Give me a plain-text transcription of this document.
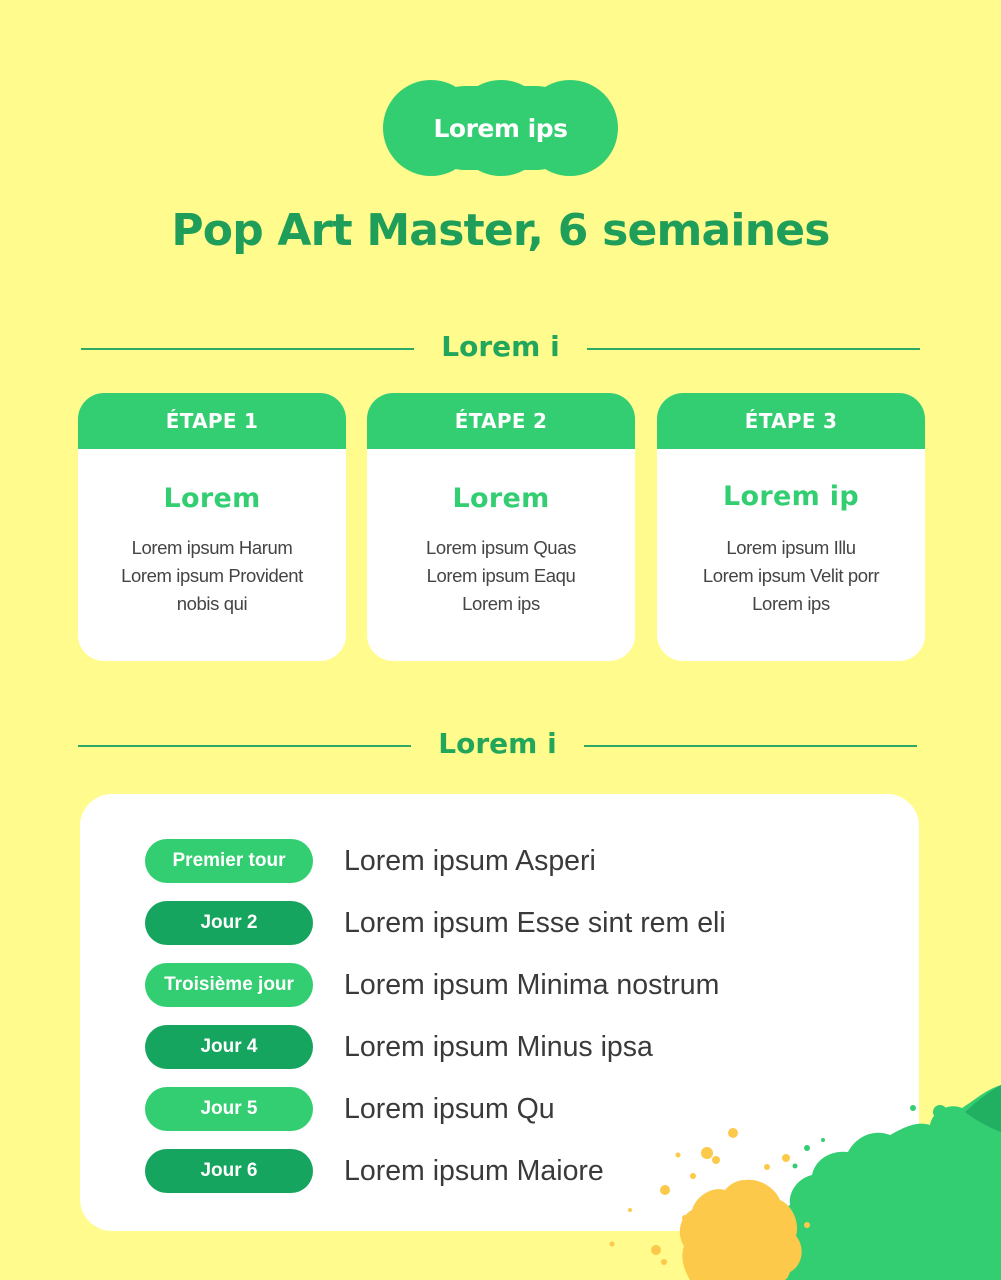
Lorem ips
Pop Art Master, 6 semaines
Lorem i
ÉTAPE 1
Lorem
Lorem ipsum Harum
Lorem ipsum Provident
nobis qui
ÉTAPE 2
Lorem
Lorem ipsum Quas
Lorem ipsum Eaqu
Lorem ips
ÉTAPE 3
Lorem ip
Lorem ipsum Illu
Lorem ipsum Velit porr
Lorem ips
Lorem i
Premier tour	Lorem ipsum Asperi
Jour 2	Lorem ipsum Esse sint rem eli
Troisième jour	Lorem ipsum Minima nostrum
Jour 4	Lorem ipsum Minus ipsa
Jour 5	Lorem ipsum Qu
Jour 6	Lorem ipsum Maiore
